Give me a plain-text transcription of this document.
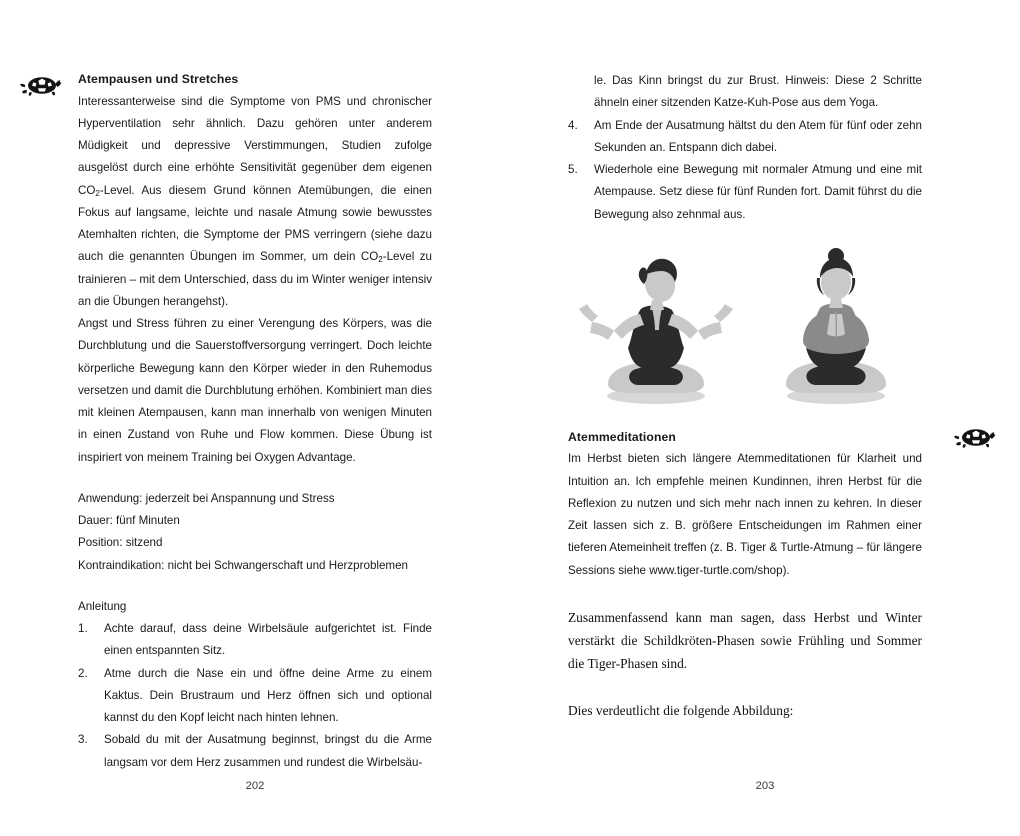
Atempausen und Stretches

Interessanterweise sind die Symptome von PMS und chronischer Hyperventilation sehr ähnlich. Dazu gehören unter anderem Müdigkeit und depressive Verstimmungen, Studien zufolge ausgelöst durch eine erhöhte Sensitivität gegenüber dem eigenen $CO_2$-Level. Aus diesem Grund können Atemübungen, die einen Fokus auf langsame, leichte und nasale Atmung sowie bewusstes Atemhalten richten, die Symptome der PMS verringern (siehe dazu auch die genannten Übungen im Sommer, um dein $CO_2$-Level zu trainieren – mit dem Unterschied, dass du im Winter weniger intensiv an die Übungen herangehst).

Angst und Stress führen zu einer Verengung des Körpers, was die Durchblutung und die Sauerstoffversorgung verringert. Doch leichte körperliche Bewegung kann den Körper wieder in den Ruhemodus versetzen und damit die Durchblutung erhöhen. Kombiniert man dies mit kleinen Atempausen, kann man innerhalb von wenigen Minuten in einen Zustand von Ruhe und Flow kommen. Diese Übung ist inspiriert von meinem Training bei Oxygen Advantage.

Anwendung: jederzeit bei Anspannung und Stress

Dauer: fünf Minuten

Position: sitzend

Kontraindikation: nicht bei Schwangerschaft und Herzproblemen

Anleitung

1.	Achte darauf, dass deine Wirbelsäule aufgerichtet ist. Finde einen entspannten Sitz.
2.	Atme durch die Nase ein und öffne deine Arme zu einem Kaktus. Dein Brustraum und Herz öffnen sich und optional kannst du den Kopf leicht nach hinten lehnen.
3.	Sobald du mit der Ausatmung beginnst, bringst du die Arme langsam vor dem Herz zusammen und rundest die Wirbelsäu-
202
le. Das Kinn bringst du zur Brust. Hinweis: Diese 2 Schritte ähneln einer sitzenden Katze-Kuh-Pose aus dem Yoga.
4.	Am Ende der Ausatmung hältst du den Atem für fünf oder zehn Sekunden an. Entspann dich dabei.
5.	Wiederhole eine Bewegung mit normaler Atmung und eine mit Atempause. Setz diese für fünf Runden fort. Damit führst du die Bewegung also zehnmal aus.
Atemmeditationen

Im Herbst bieten sich längere Atemmeditationen für Klarheit und Intuition an. Ich empfehle meinen Kundinnen, ihren Herbst für die Reflexion zu nutzen und sich mehr nach innen zu kehren. In dieser Zeit lassen sich z. B. größere Entscheidungen im Rahmen einer tieferen Atemeinheit treffen (z. B. Tiger & Turtle-Atmung – für längere Sessions siehe www.tiger-turtle.com/shop).

Zusammenfassend kann man sagen, dass Herbst und Winter verstärkt die Schildkröten-Phasen sowie Frühling und Sommer die Tiger-Phasen sind.

Dies verdeutlicht die folgende Abbildung:

203
